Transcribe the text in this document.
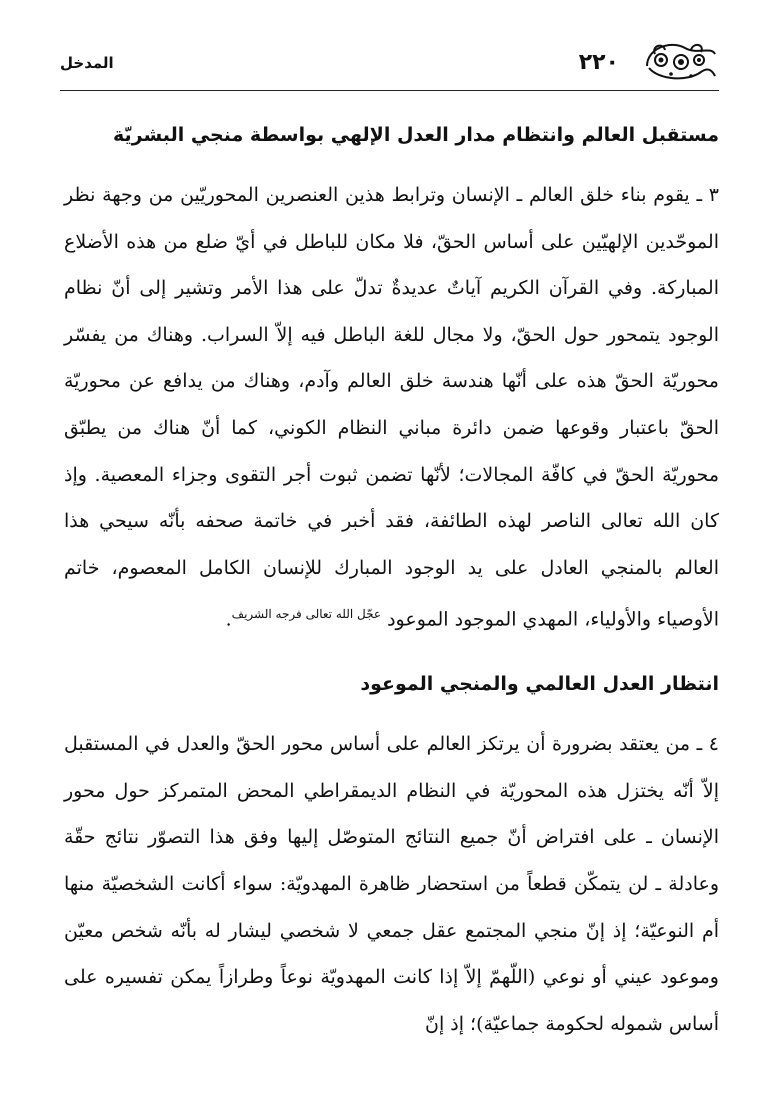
٢٢٠
المدخل
مستقبل العالم وانتظام مدار العدل الإلهي بواسطة منجي البشريّة

٣ ـ يقوم بناء خلق العالم ـ الإنسان وترابط هذين العنصرين المحوريّين من وجهة نظر الموحّدين الإلهيّين على أساس الحقّ، فلا مكان للباطل في أيّ ضلع من هذه الأضلاع المباركة. وفي القرآن الكريم آياتٌ عديدةٌ تدلّ على هذا الأمر وتشير إلى أنّ نظام الوجود يتمحور حول الحقّ، ولا مجال للغة الباطل فيه إلاّ السراب. وهناك من يفسّر محوريّة الحقّ هذه على أنّها هندسة خلق العالم وآدم، وهناك من يدافع عن محوريّة الحقّ باعتبار وقوعها ضمن دائرة مباني النظام الكوني، كما أنّ هناك من يطبّق محوريّة الحقّ في كافّة المجالات؛ لأنّها تضمن ثبوت أجر التقوى وجزاء المعصية. وإذ كان الله تعالى الناصر لهذه الطائفة، فقد أخبر في خاتمة صحفه بأنّه سيحي هذا العالم بالمنجي العادل على يد الوجود المبارك للإنسان الكامل المعصوم، خاتم الأوصياء والأولياء، المهدي الموجود الموعود $^{عجّل الله تعالى فرجه الشريف}$.

انتظار العدل العالمي والمنجي الموعود

٤ ـ من يعتقد بضرورة أن يرتكز العالم على أساس محور الحقّ والعدل في المستقبل إلاّ أنّه يختزل هذه المحوريّة في النظام الديمقراطي المحض المتمركز حول محور الإنسان ـ على افتراض أنّ جميع النتائج المتوصّل إليها وفق هذا التصوّر نتائج حقّة وعادلة ـ لن يتمكّن قطعاً من استحضار ظاهرة المهدويّة: سواء أكانت الشخصيّة منها أم النوعيّة؛ إذ إنّ منجي المجتمع عقل جمعي لا شخصي ليشار له بأنّه شخص معيّن وموعود عيني أو نوعي (اللّهمّ إلاّ إذا كانت المهدويّة نوعاً وطرازاً يمكن تفسيره على أساس شموله لحكومة جماعيّة)؛ إذ إنّ
